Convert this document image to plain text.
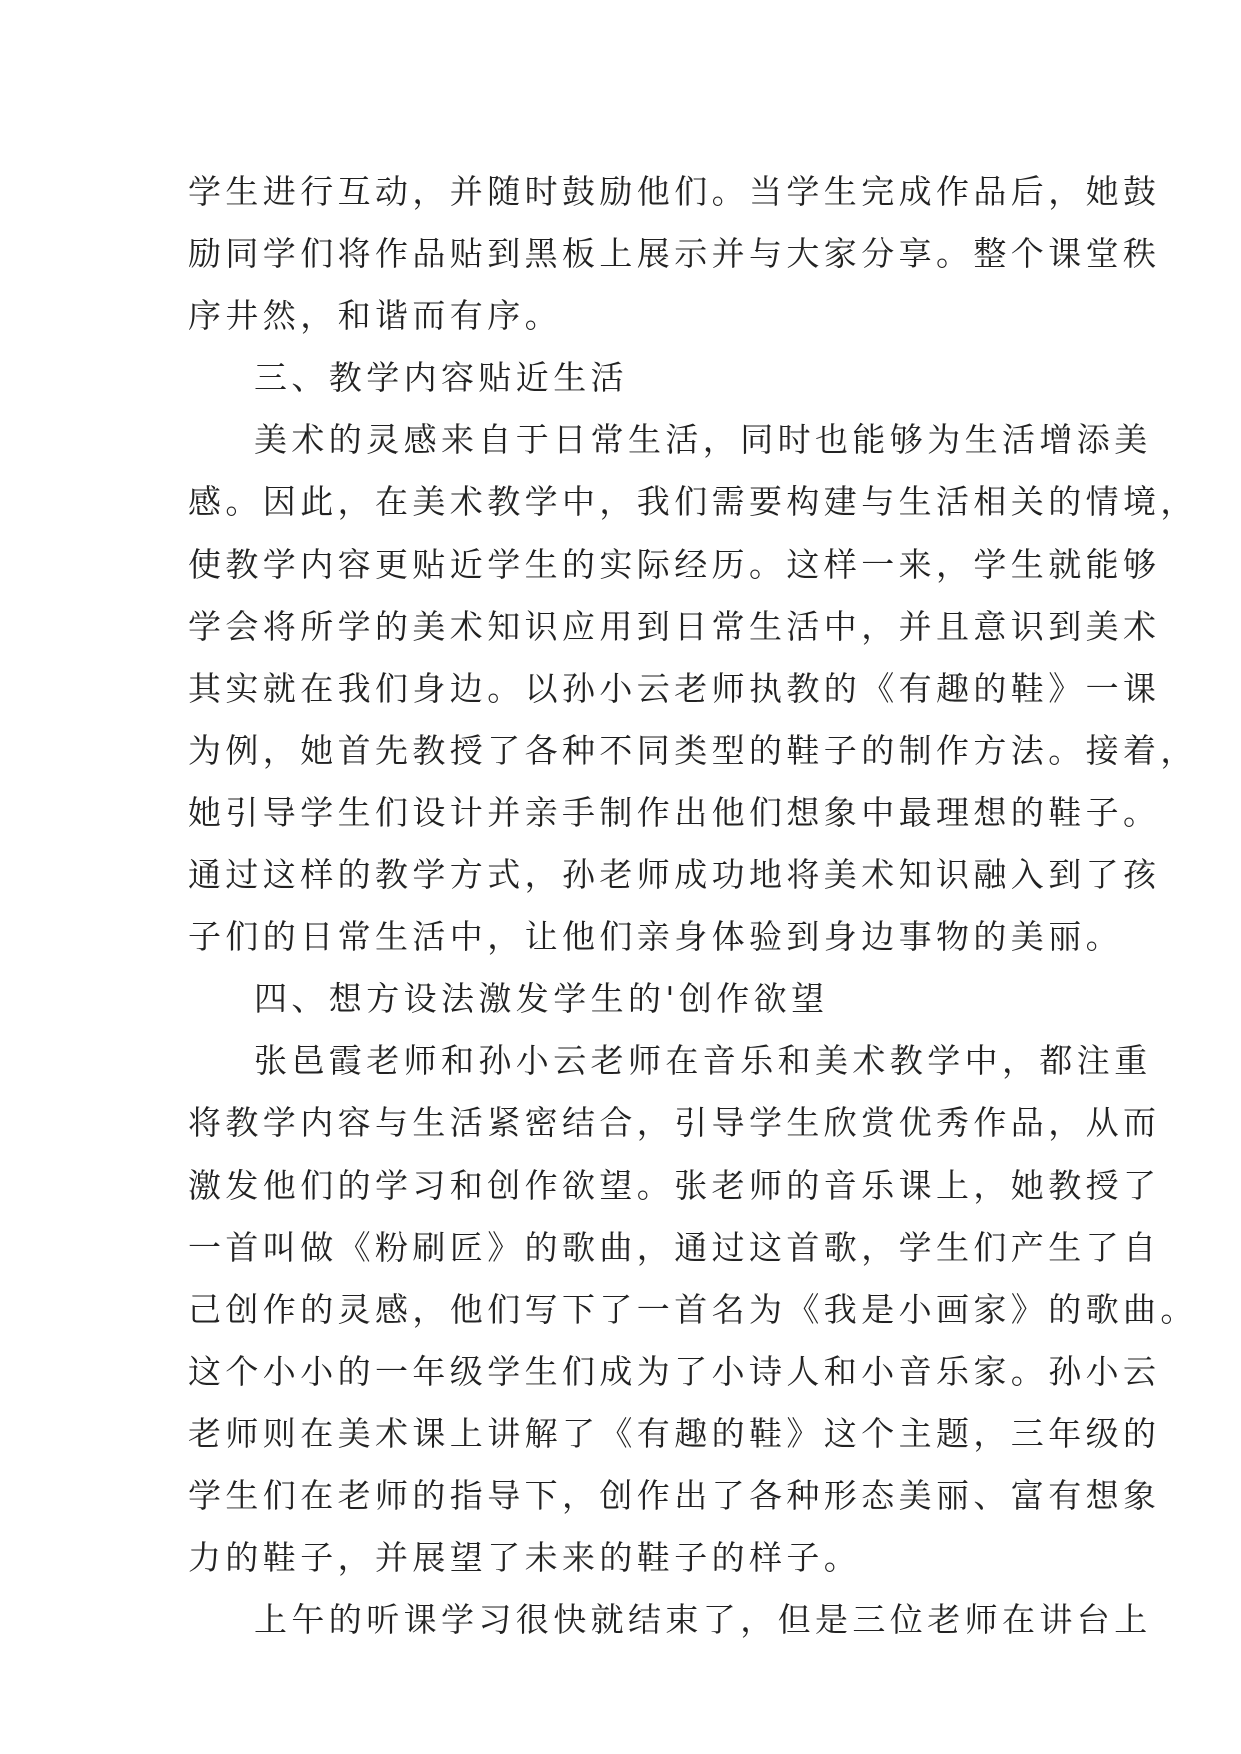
学生进行互动，并随时鼓励他们。当学生完成作品后，她鼓
励同学们将作品贴到黑板上展示并与大家分享。整个课堂秩
序井然，和谐而有序。
三、教学内容贴近生活
美术的灵感来自于日常生活，同时也能够为生活增添美
感。因此，在美术教学中，我们需要构建与生活相关的情境，
使教学内容更贴近学生的实际经历。这样一来，学生就能够
学会将所学的美术知识应用到日常生活中，并且意识到美术
其实就在我们身边。以孙小云老师执教的《有趣的鞋》一课
为例，她首先教授了各种不同类型的鞋子的制作方法。接着，
她引导学生们设计并亲手制作出他们想象中最理想的鞋子。
通过这样的教学方式，孙老师成功地将美术知识融入到了孩
子们的日常生活中，让他们亲身体验到身边事物的美丽。
四、想方设法激发学生的'创作欲望
张邑霞老师和孙小云老师在音乐和美术教学中，都注重
将教学内容与生活紧密结合，引导学生欣赏优秀作品，从而
激发他们的学习和创作欲望。张老师的音乐课上，她教授了
一首叫做《粉刷匠》的歌曲，通过这首歌，学生们产生了自
己创作的灵感，他们写下了一首名为《我是小画家》的歌曲。
这个小小的一年级学生们成为了小诗人和小音乐家。孙小云
老师则在美术课上讲解了《有趣的鞋》这个主题，三年级的
学生们在老师的指导下，创作出了各种形态美丽、富有想象
力的鞋子，并展望了未来的鞋子的样子。
上午的听课学习很快就结束了，但是三位老师在讲台上
